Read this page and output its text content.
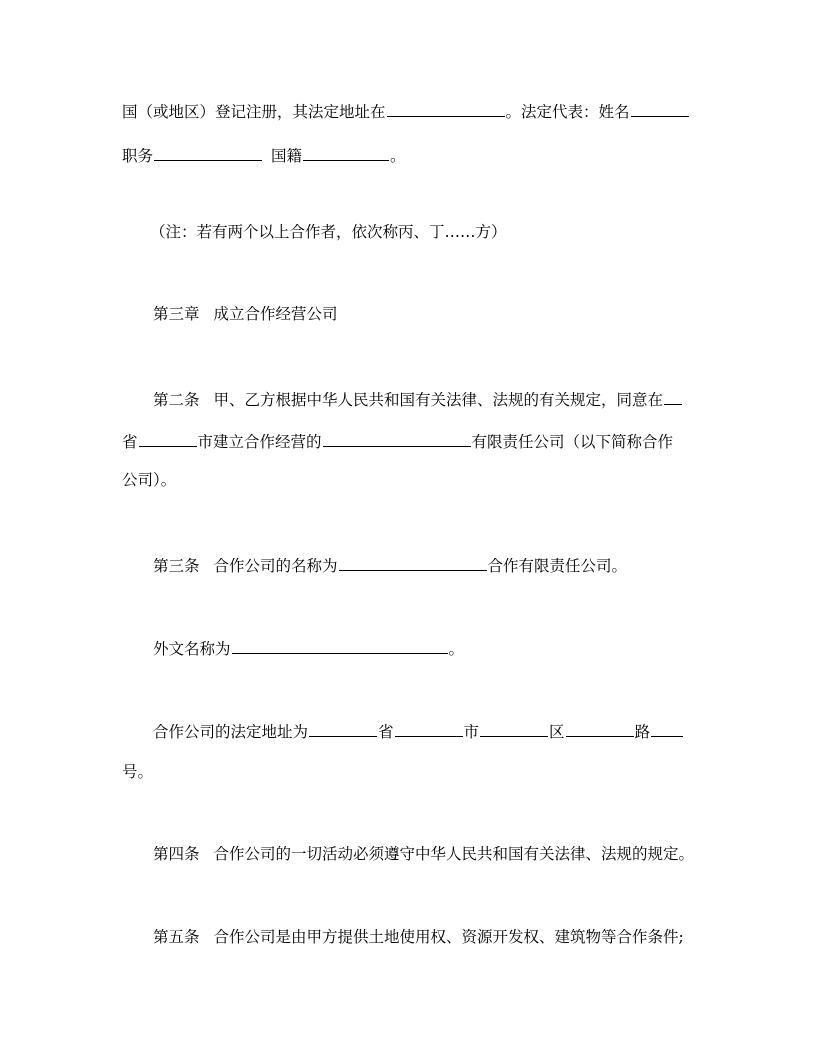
国（或地区）登记注册，其法定地址在	。法定代表：姓名
职务	国籍	。
（注：若有两个以上合作者，依次称丙、丁……方）
第三章 成立合作经营公司
第二条 甲、乙方根据中华人民共和国有关法律、法规的有关规定，同意在
省	市建立合作经营的	有限责任公司（以下简称合作
公司）。
第三条 合作公司的名称为	合作有限责任公司。
外文名称为	。
合作公司的法定地址为	省	市	区	路
号。
第四条 合作公司的一切活动必须遵守中华人民共和国有关法律、法规的规定。
第五条 合作公司是由甲方提供土地使用权、资源开发权、建筑物等合作条件;
